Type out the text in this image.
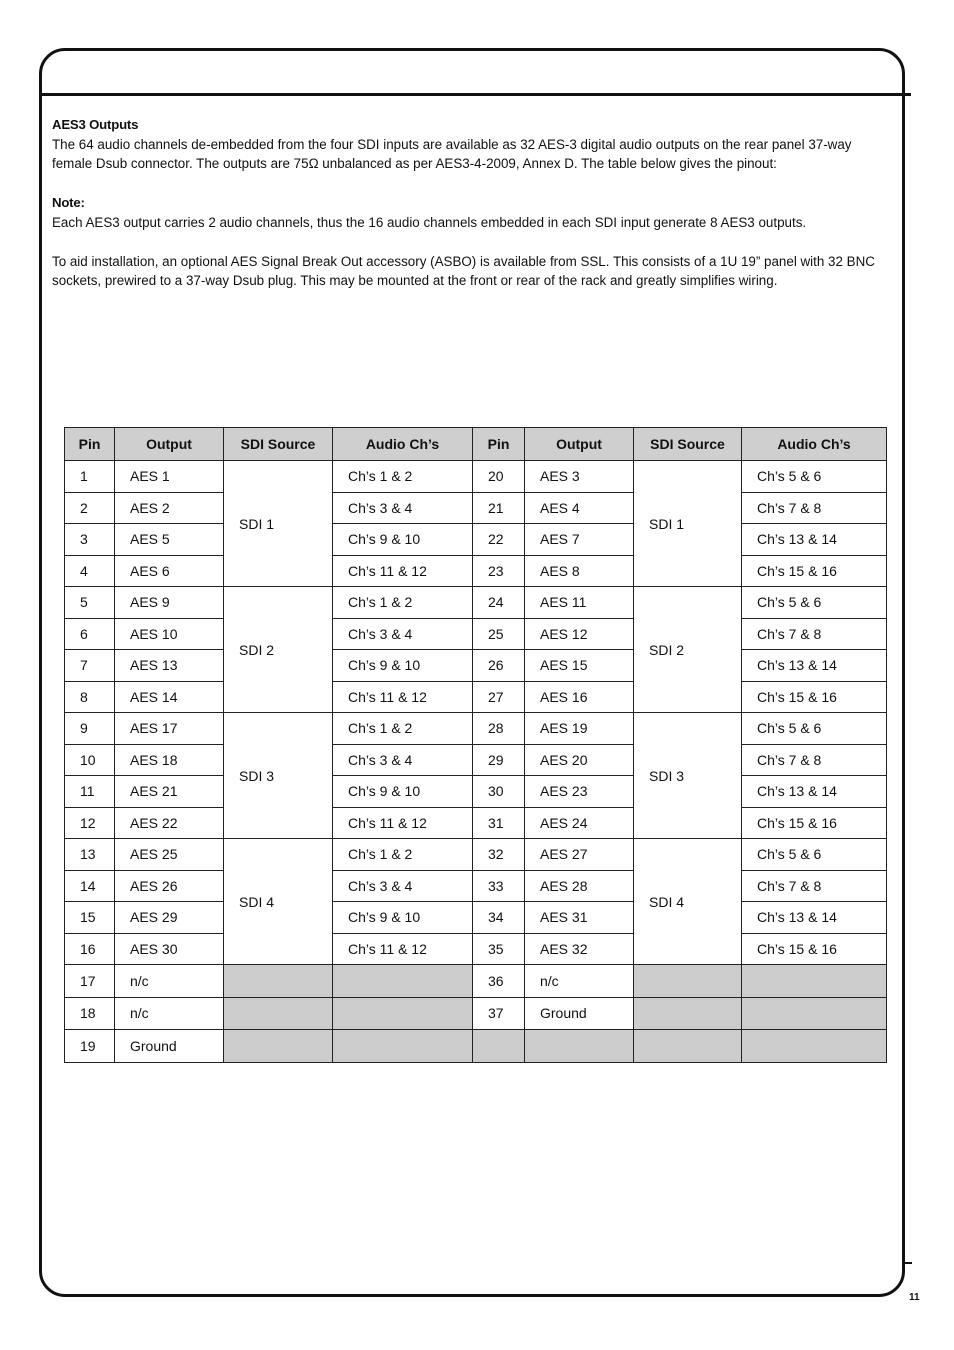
AES3 Outputs

The 64 audio channels de-embedded from the four SDI inputs are available as 32 AES-3 digital audio outputs on the rear panel 37-way female Dsub connector. The outputs are 75Ω unbalanced as per AES3-4-2009, Annex D. The table below gives the pinout:

Note:

Each AES3 output carries 2 audio channels, thus the 16 audio channels embedded in each SDI input generate 8 AES3 outputs.

To aid installation, an optional AES Signal Break Out accessory (ASBO) is available from SSL. This consists of a 1U 19” panel with 32 BNC sockets, prewired to a 37-way Dsub plug. This may be mounted at the front or rear of the rack and greatly simplifies wiring.

Pin	Output	SDI Source	Audio Ch’s	Pin	Output	SDI Source	Audio Ch’s
1	AES 1	SDI 1	Ch’s 1 & 2	20	AES 3	SDI 1	Ch’s 5 & 6
2	AES 2		Ch’s 3 & 4	21	AES 4		Ch’s 7 & 8
3	AES 5		Ch’s 9 & 10	22	AES 7		Ch’s 13 & 14
4	AES 6		Ch’s 11 & 12	23	AES 8		Ch’s 15 & 16
5	AES 9	SDI 2	Ch’s 1 & 2	24	AES 11	SDI 2	Ch’s 5 & 6
6	AES 10		Ch’s 3 & 4	25	AES 12		Ch’s 7 & 8
7	AES 13		Ch’s 9 & 10	26	AES 15		Ch’s 13 & 14
8	AES 14		Ch’s 11 & 12	27	AES 16		Ch’s 15 & 16
9	AES 17	SDI 3	Ch’s 1 & 2	28	AES 19	SDI 3	Ch’s 5 & 6
10	AES 18		Ch’s 3 & 4	29	AES 20		Ch’s 7 & 8
11	AES 21		Ch’s 9 & 10	30	AES 23		Ch’s 13 & 14
12	AES 22		Ch’s 11 & 12	31	AES 24		Ch’s 15 & 16
13	AES 25	SDI 4	Ch’s 1 & 2	32	AES 27	SDI 4	Ch’s 5 & 6
14	AES 26		Ch’s 3 & 4	33	AES 28		Ch’s 7 & 8
15	AES 29		Ch’s 9 & 10	34	AES 31		Ch’s 13 & 14
16	AES 30		Ch’s 11 & 12	35	AES 32		Ch’s 15 & 16
17	n/c			36	n/c		
18	n/c			37	Ground		
19	Ground						
11
